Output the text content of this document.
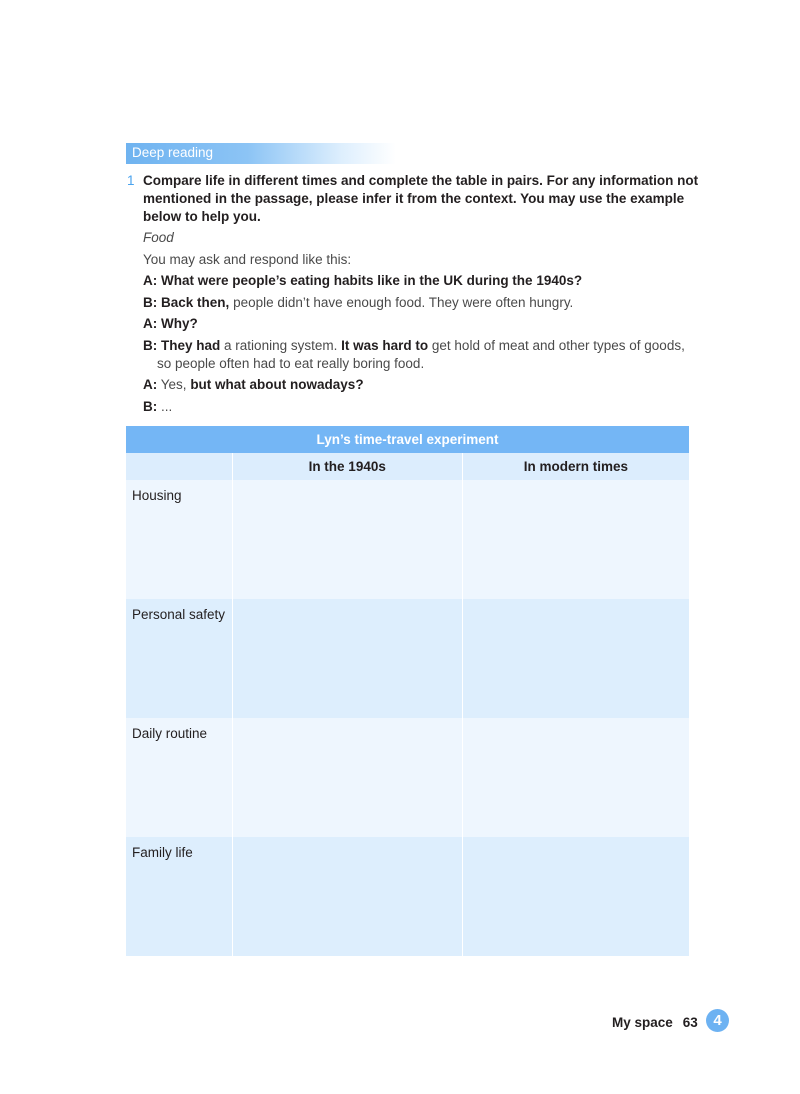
Deep reading
1 Compare life in different times and complete the table in pairs. For any information not mentioned in the passage, please infer it from the context. You may use the example below to help you.
Food
You may ask and respond like this:
A: What were people’s eating habits like in the UK during the 1940s?
B: Back then, people didn’t have enough food. They were often hungry.
A: Why?
B: They had a rationing system. It was hard to get hold of meat and other types of goods, so people often had to eat really boring food.
A: Yes, but what about nowadays?
B: ...
Lyn’s time-travel experiment
In the 1940s	In modern times
Housing
Personal safety
Daily routine
Family life
My space 63	4
